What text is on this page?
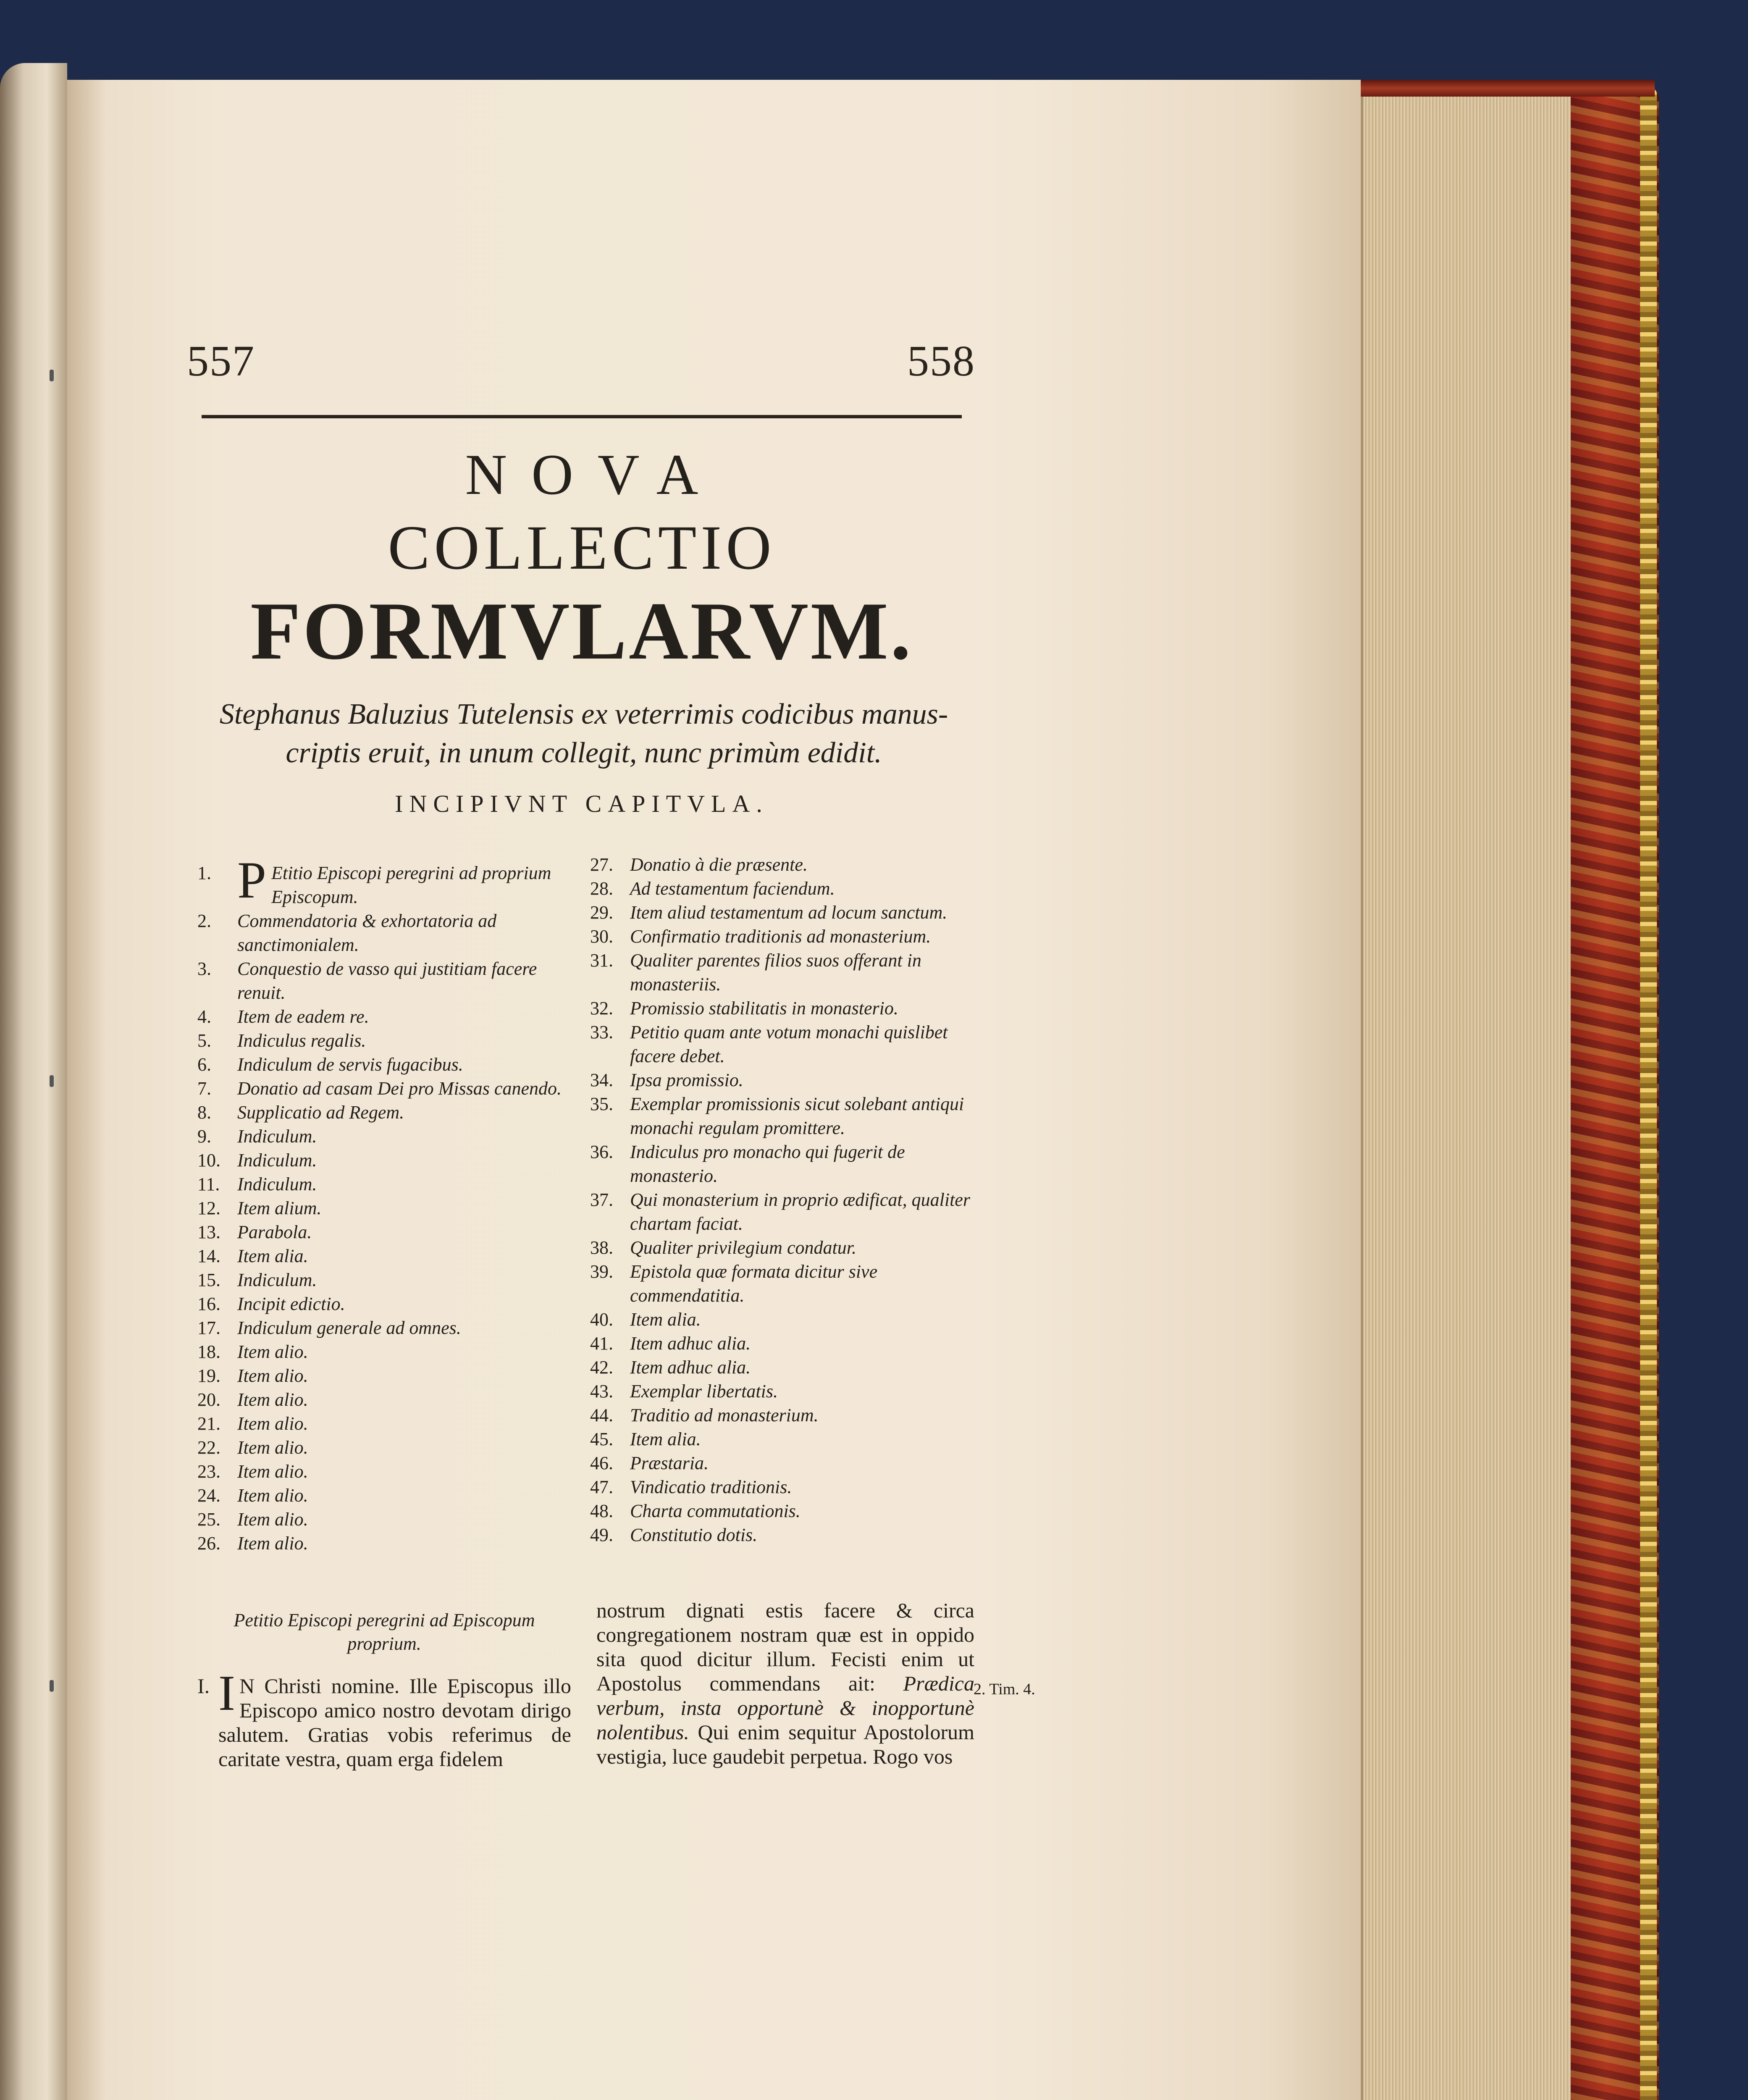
557	558
NOVA
COLLECTIO
FORMVLARVM.
Stephanus Baluzius Tutelensis ex veterrimis codicibus manus-
criptis eruit, in unum collegit, nunc primùm edidit.
INCIPIVNT CAPITVLA.
1. P Etitio Episcopi peregrini ad proprium Episcopum.
2.	Commendatoria & exhortatoria ad sanctimonialem.
3.	Conquestio de vasso qui justitiam facere renuit.
4.	Item de eadem re.
5.	Indiculus regalis.
6.	Indiculum de servis fugacibus.
7.	Donatio ad casam Dei pro Missas canendo.
8.	Supplicatio ad Regem.
9.	Indiculum.
10. Indiculum.
11. Indiculum.
12. Item alium.
13. Parabola.
14. Item alia.
15. Indiculum.
16. Incipit edictio.
17. Indiculum generale ad omnes.
18. Item alio.
19. Item alio.
20. Item alio.
21. Item alio.
22. Item alio.
23. Item alio.
24. Item alio.
25. Item alio.
26. Item alio.
27. Donatio à die præsente.
28. Ad testamentum faciendum.
29. Item aliud testamentum ad locum sanctum.
30. Confirmatio traditionis ad monasterium.
31. Qualiter parentes filios suos offerant in monasteriis.
32. Promissio stabilitatis in monasterio.
33. Petitio quam ante votum monachi quislibet facere debet.
34. Ipsa promissio.
35. Exemplar promissionis sicut solebant antiqui monachi regulam promittere.
36. Indiculus pro monacho qui fugerit de monasterio.
37. Qui monasterium in proprio ædificat, qualiter chartam faciat.
38. Qualiter privilegium condatur.
39. Epistola quæ formata dicitur sive commendatitia.
40. Item alia.
41. Item adhuc alia.
42. Item adhuc alia.
43. Exemplar libertatis.
44. Traditio ad monasterium.
45. Item alia.
46. Præstaria.
47. Vindicatio traditionis.
48. Charta commutationis.
49. Constitutio dotis.
Petitio Episcopi peregrini ad Episcopum proprium.
I. I N Christi nomine. Ille Episcopus illo Episcopo amico nostro devotam dirigo salutem. Gratias vobis referimus de caritate vestra, quam erga fidelem

nostrum dignati estis facere & circa congregationem nostram quæ est in oppido sita quod dicitur illum. Fecisti enim ut Apostolus commendans ait: Prædica verbum, insta opportunè & inopportunè nolentibus. Qui enim sequitur Apostolorum vestigia, luce gaudebit perpetua. Rogo vos

2. Tim. 4.
